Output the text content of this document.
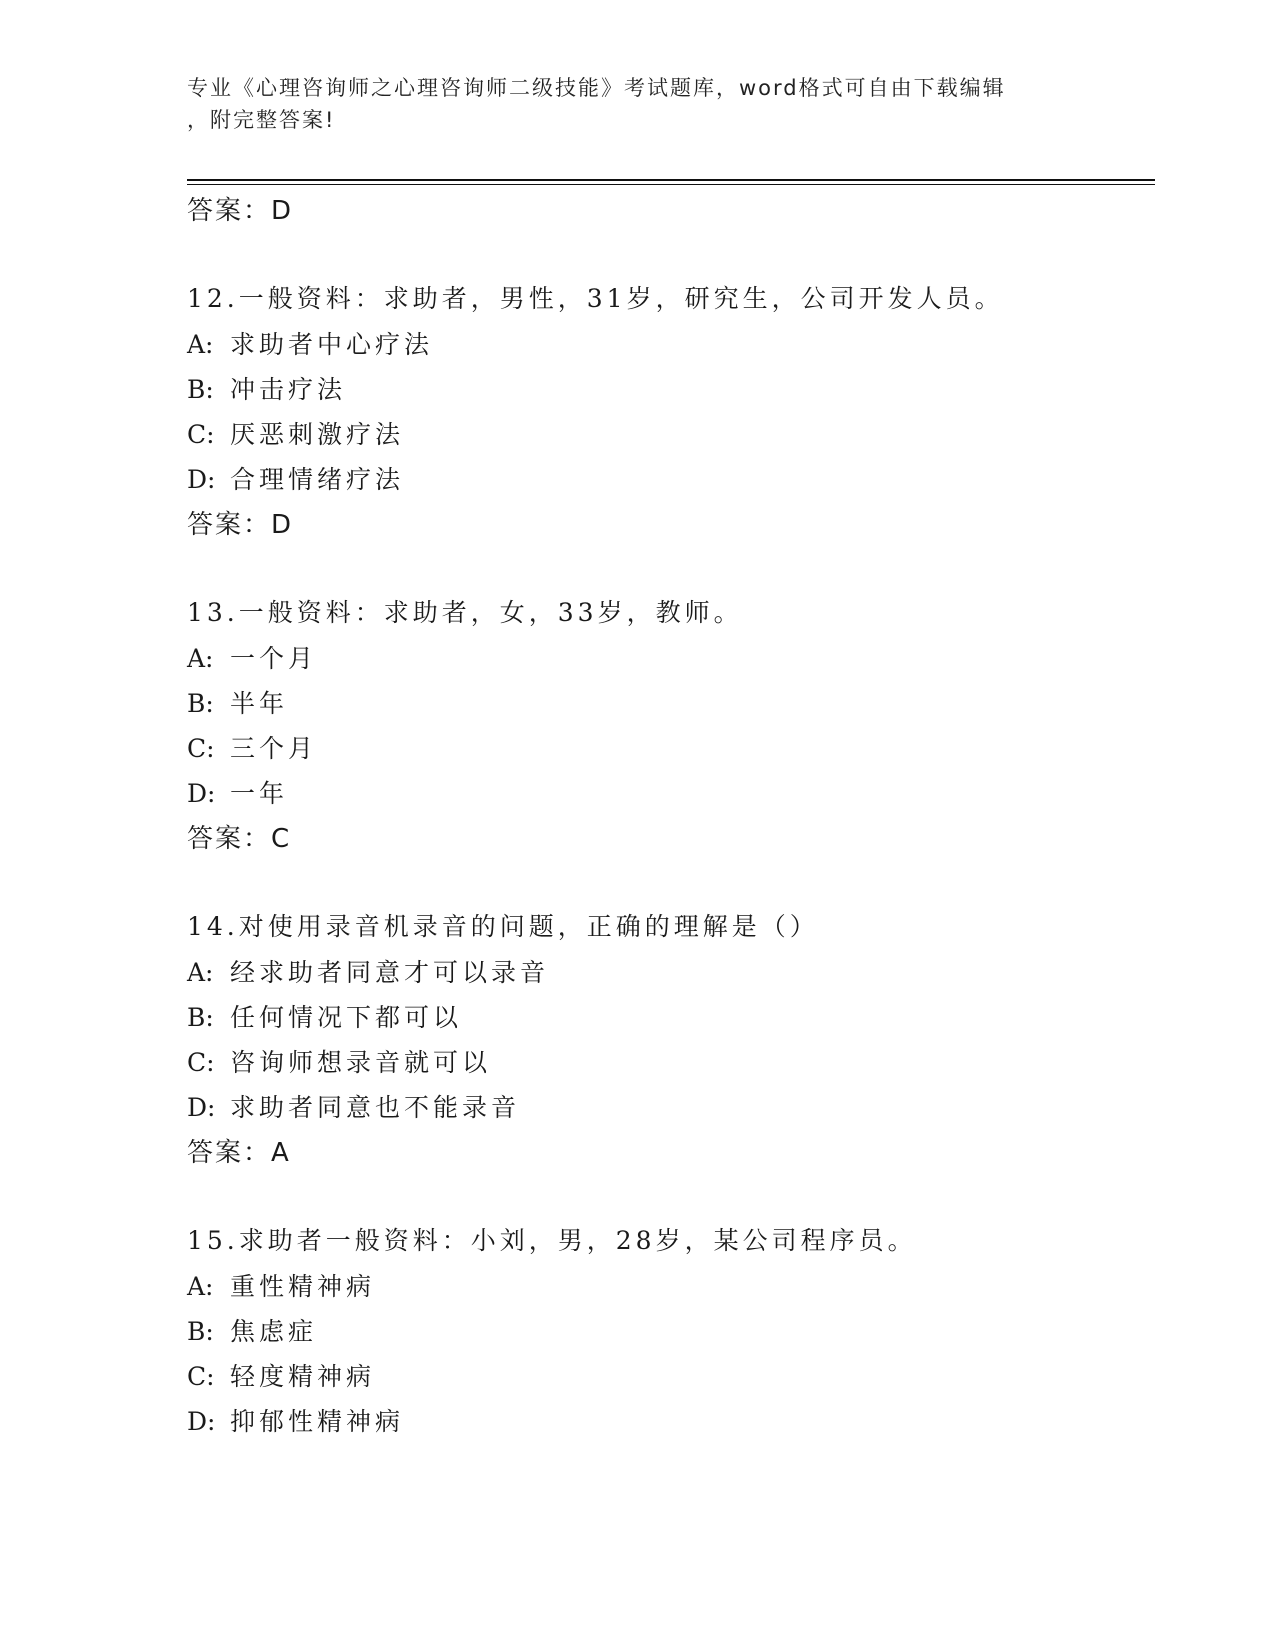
专业《心理咨询师之心理咨询师二级技能》考试题库，word格式可自由下载编辑
，附完整答案!
答案：D
12.一般资料：求助者，男性，31岁，研究生，公司开发人员。
A: 求助者中心疗法
B: 冲击疗法
C: 厌恶刺激疗法
D: 合理情绪疗法
答案：D
13.一般资料：求助者，女，33岁，教师。
A: 一个月
B: 半年
C: 三个月
D: 一年
答案：C
14.对使用录音机录音的问题，正确的理解是（）
A: 经求助者同意才可以录音
B: 任何情况下都可以
C: 咨询师想录音就可以
D: 求助者同意也不能录音
答案：A
15.求助者一般资料：小刘，男，28岁，某公司程序员。
A: 重性精神病
B: 焦虑症
C: 轻度精神病
D: 抑郁性精神病
